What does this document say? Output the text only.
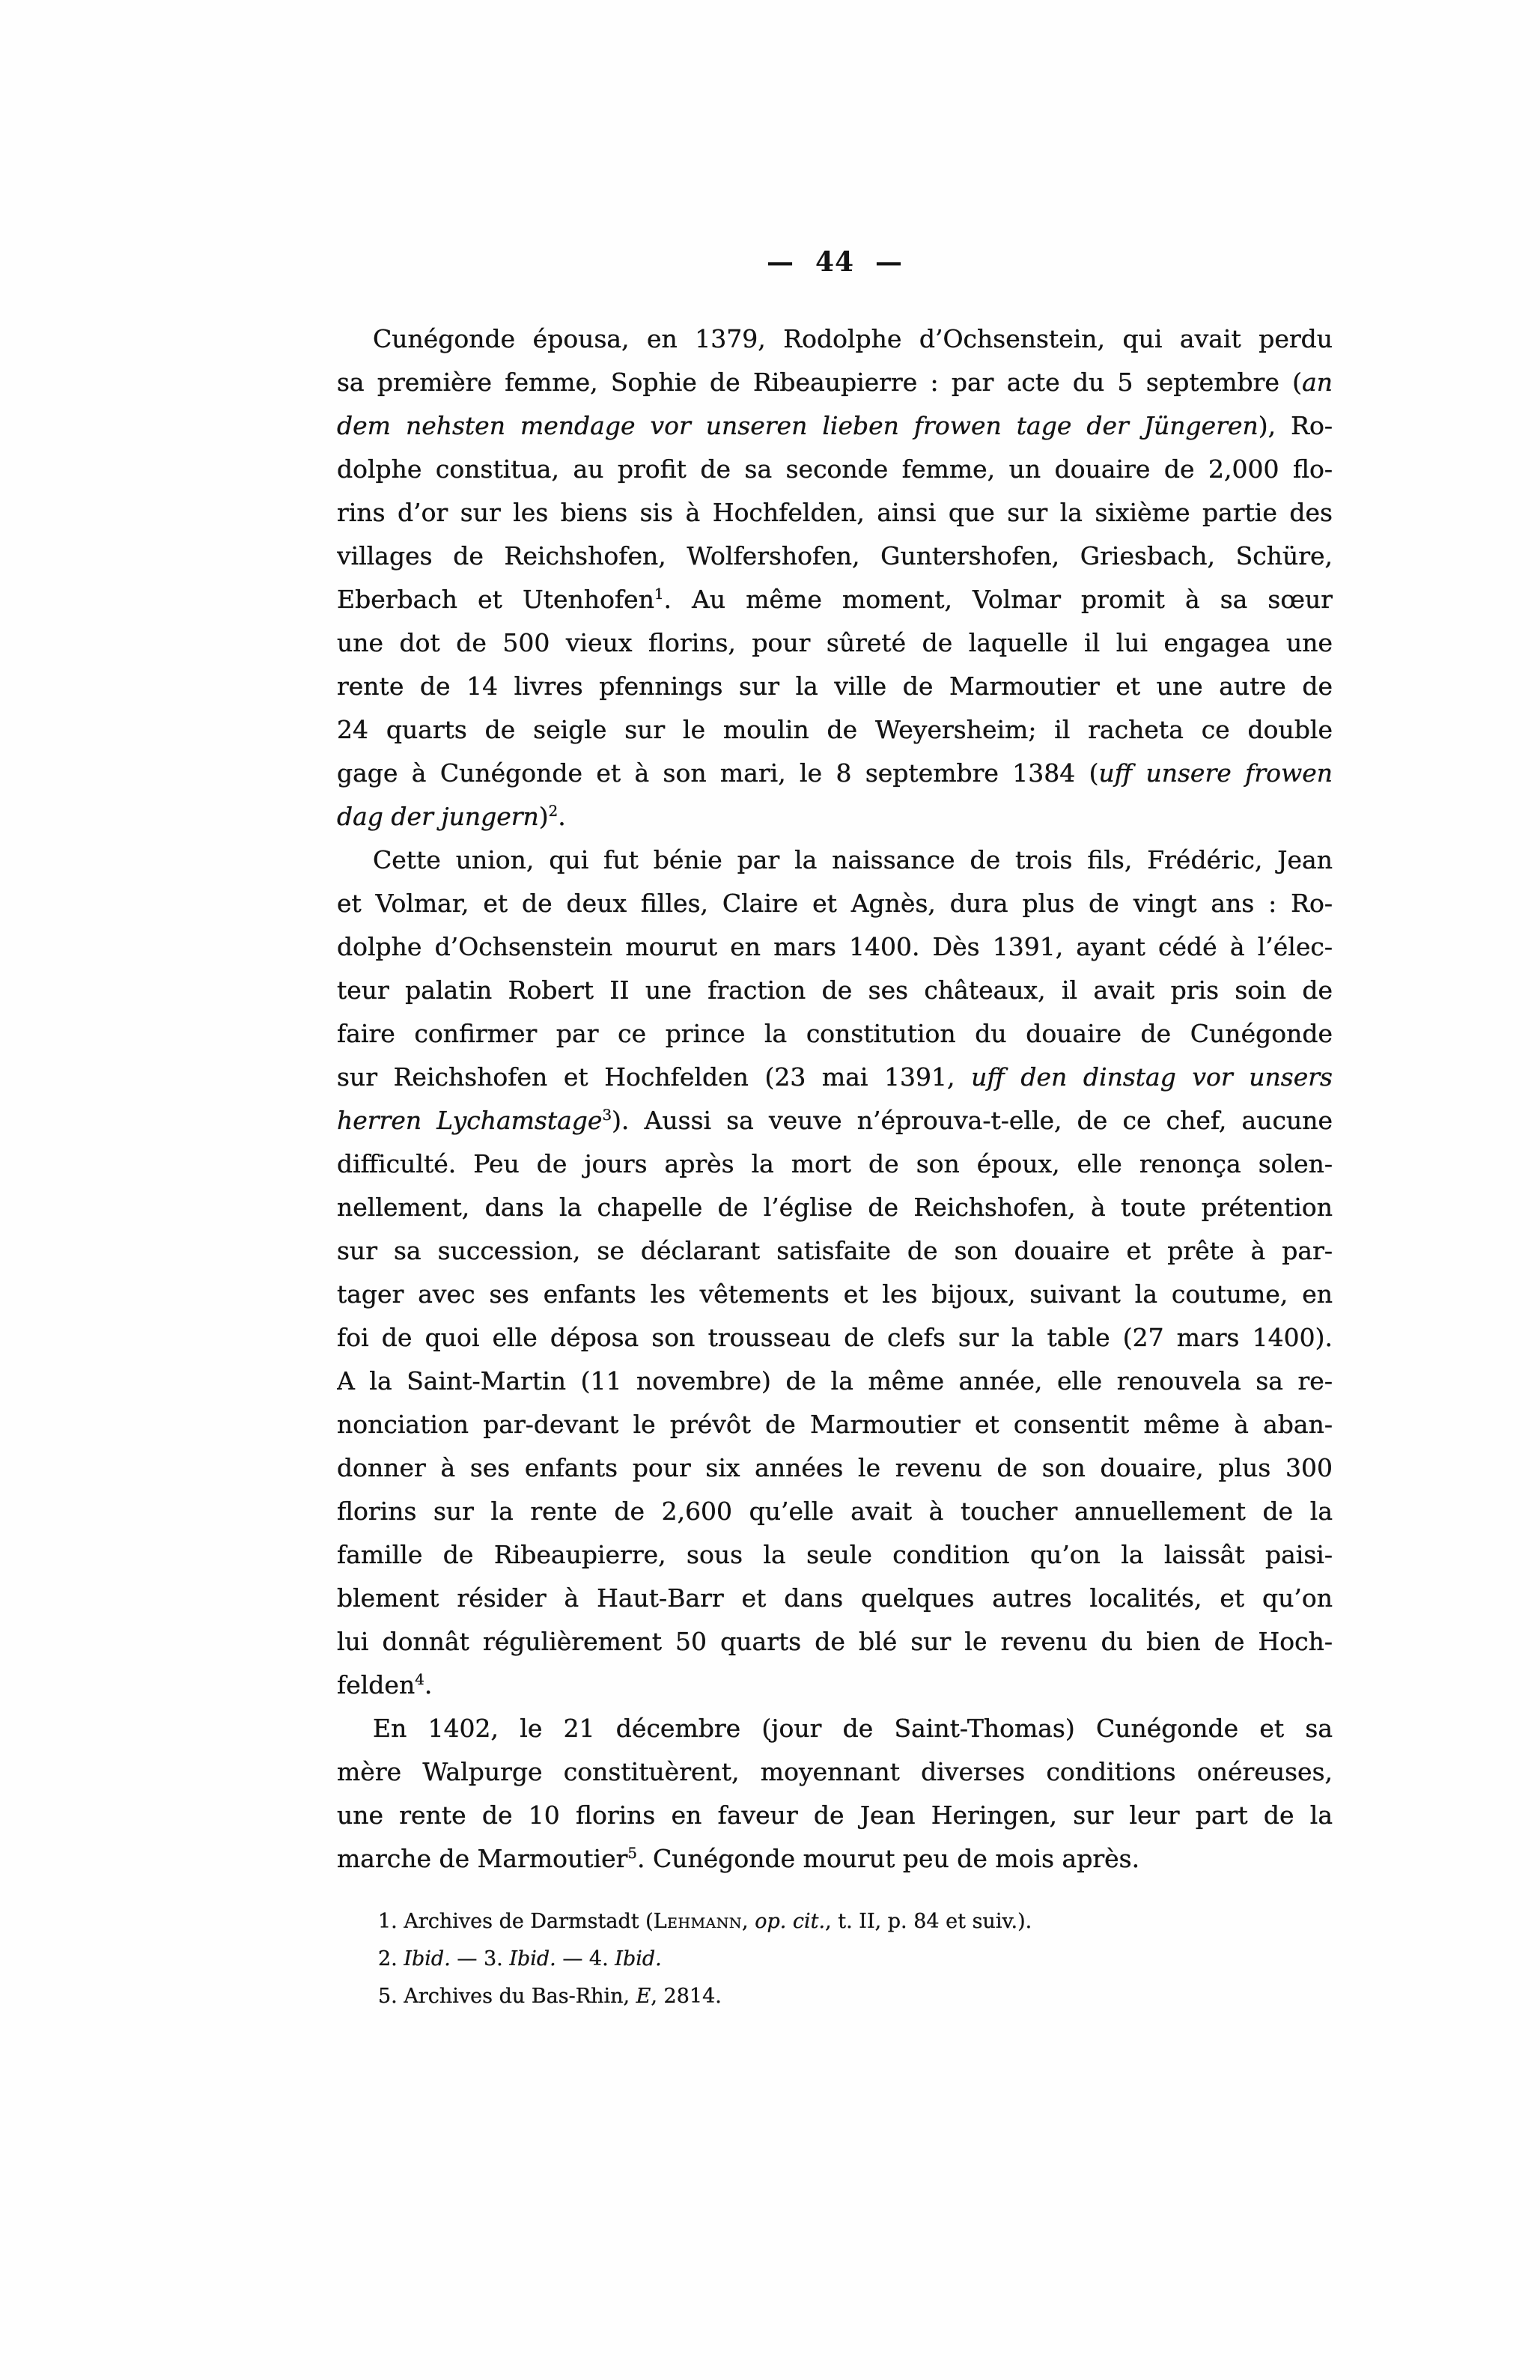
— 44 —
Cunégonde épousa, en 1379, Rodolphe d’Ochsenstein, qui avait perdu
sa première femme, Sophie de Ribeaupierre : par acte du 5 septembre (an
dem nehsten mendage vor unseren lieben frowen tage der Jüngeren), Ro-
dolphe constitua, au profit de sa seconde femme, un douaire de 2,000 flo-
rins d’or sur les biens sis à Hochfelden, ainsi que sur la sixième partie des
villages de Reichshofen, Wolfershofen, Guntershofen, Griesbach, Schüre,
Eberbach et Utenhofen$^1$. Au même moment, Volmar promit à sa sœur
une dot de 500 vieux florins, pour sûreté de laquelle il lui engagea une
rente de 14 livres pfennings sur la ville de Marmoutier et une autre de
24 quarts de seigle sur le moulin de Weyersheim; il racheta ce double
gage à Cunégonde et à son mari, le 8 septembre 1384 (uff unsere frowen
dag der jungern)$^2$.
Cette union, qui fut bénie par la naissance de trois fils, Frédéric, Jean
et Volmar, et de deux filles, Claire et Agnès, dura plus de vingt ans : Ro-
dolphe d’Ochsenstein mourut en mars 1400. Dès 1391, ayant cédé à l’élec-
teur palatin Robert II une fraction de ses châteaux, il avait pris soin de
faire confirmer par ce prince la constitution du douaire de Cunégonde
sur Reichshofen et Hochfelden (23 mai 1391, uff den dinstag vor unsers
herren Lychamstage$^3$). Aussi sa veuve n’éprouva-t-elle, de ce chef, aucune
difficulté. Peu de jours après la mort de son époux, elle renonça solen-
nellement, dans la chapelle de l’église de Reichshofen, à toute prétention
sur sa succession, se déclarant satisfaite de son douaire et prête à par-
tager avec ses enfants les vêtements et les bijoux, suivant la coutume, en
foi de quoi elle déposa son trousseau de clefs sur la table (27 mars 1400).
A la Saint-Martin (11 novembre) de la même année, elle renouvela sa re-
nonciation par-devant le prévôt de Marmoutier et consentit même à aban-
donner à ses enfants pour six années le revenu de son douaire, plus 300
florins sur la rente de 2,600 qu’elle avait à toucher annuellement de la
famille de Ribeaupierre, sous la seule condition qu’on la laissât paisi-
blement résider à Haut-Barr et dans quelques autres localités, et qu’on
lui donnât régulièrement 50 quarts de blé sur le revenu du bien de Hoch-
felden$^4$.
En 1402, le 21 décembre (jour de Saint-Thomas) Cunégonde et sa
mère Walpurge constituèrent, moyennant diverses conditions onéreuses,
une rente de 10 florins en faveur de Jean Heringen, sur leur part de la
marche de Marmoutier$^5$. Cunégonde mourut peu de mois après.
1. Archives de Darmstadt (Lehmann, op. cit., t. II, p. 84 et suiv.).
2. Ibid. — 3. Ibid. — 4. Ibid.
5. Archives du Bas-Rhin, E, 2814.
